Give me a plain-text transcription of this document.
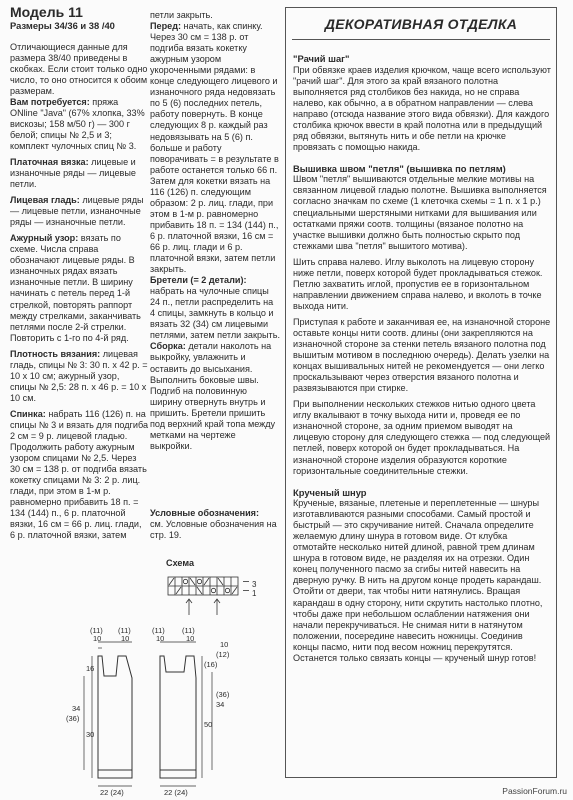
Модель 11

Размеры 34/36 и 38 /40

Отличающиеся данные для размера 38/40 приведены в скобках. Если стоит только одно число, то оно относится к обоим размерам.

Вам потребуется: пряжа ONline "Java" (67% хлопка, 33% вискозы; 158 м/50 г) — 300 г белой; спицы № 2,5 и 3; комплект чулочных спиц № 3.

Платочная вязка: лицевые и изнаночные ряды — лицевые петли.

Лицевая гладь: лицевые ряды — лицевые петли, изнаночные ряды — изнаночные петли.

Ажурный узор: вязать по схеме. Числа справа обозначают лицевые ряды. В изнаночных рядах вязать изнаночные петли. В ширину начинать с петель перед 1-й стрелкой, повторять раппорт между стрелками, заканчивать петлями после 2-й стрелки. Повторить с 1-го по 4-й ряд.

Плотность вязания: лицевая гладь, спицы № 3: 30 п. x 42 р. = 10 x 10 см; ажурный узор, спицы № 2,5: 28 п. x 46 р. = 10 x 10 см.

Спинка: набрать 116 (126) п. на спицы № 3 и вязать для подгиба 2 см = 9 р. лицевой гладью. Продолжить работу ажурным узором спицами № 2,5. Через 30 см = 138 р. от подгиба вязать кокетку спицами № 3: 2 р. лиц. глади, при этом в 1-м р. равномерно прибавить 18 п. = 134 (144) п., 6 р. платочной вязки, 16 см = 66 р. лиц. глади, 6 р. платочной вязки, затем

петли закрыть.

Перед: начать, как спинку. Через 30 см = 138 р. от подгиба вязать кокетку ажурным узором укороченными рядами: в конце следующего лицевого и изнаночного ряда недовязать по 5 (6) последних петель, работу повернуть. В конце следующих 8 р. каждый раз недовязывать на 5 (6) п. больше и работу поворачивать = в результате в работе останется только 66 п. Затем для кокетки вязать на 116 (126) п. следующим образом: 2 р. лиц. глади, при этом в 1-м р. равномерно прибавить 18 п. = 134 (144) п., 6 р. платочной вязки, 16 см = 66 р. лиц. глади и 6 р. платочной вязки, затем петли закрыть.

Бретели (= 2 детали): набрать на чулочные спицы 24 п., петли распределить на 4 спицы, замкнуть в кольцо и вязать 32 (34) см лицевыми петлями, затем петли закрыть.

Сборка: детали наколоть на выкройку, увлажнить и оставить до высыхания. Выполнить боковые швы. Подгиб на половинную ширину отвернуть внутрь и пришить. Бретели пришить под верхний край топа между метками на чертеже выкройки.

Условные обозначения:

см. Условные обозначения на стр. 19.

Схема

3
1
(11)
10
(11)
10
34
(36)
16
30
22 (24)
(11)
10
(11)
10
(36)
34
(16)
50
(12)
10
22 (24)
ДЕКОРАТИВНАЯ ОТДЕЛКА

"Рачий шаг"

При обвязке краев изделия крючком, чаще всего используют "рачий шаг". Для этого за край вязаного полотна выполняется ряд столбиков без накида, но не справа налево, как обычно, а в обратном направлении — слева направо (отсюда название этого вида обвязки). Для каждого столбика крючок ввести в край полотна или в предыдущий ряд обвязки, вытянуть нить и обе петли на крючке провязать с помощью накида.

Вышивка швом "петля" (вышивка по петлям)

Швом "петля" вышиваются отдельные мелкие мотивы на связанном лицевой гладью полотне. Вышивка выполняется согласно значкам по схеме (1 клеточка схемы = 1 п. x 1 р.) специальными шерстяными нитками для вышивания или остатками пряжи соотв. толщины (вязаное полотно на участке вышивки должно быть полностью скрыто под стежками шва "петля" вышитого мотива).

Шить справа налево. Иглу выколоть на лицевую сторону ниже петли, поверх которой будет прокладываться стежок. Петлю захватить иглой, пропустив ее в горизонтальном направлении движением справа налево, и вколоть в точке выхода нити.

Приступая к работе и заканчивая ее, на изнаночной стороне оставьте концы нити соотв. длины (они закрепляются на изнаночной стороне за стенки петель вязаного полотна под вышитым мотивом в последнюю очередь). Делать узелки на концах вышивальных нитей не рекомендуется — они легко проскальзывают через отверстия вязаного полотна и развязываются при стирке.

При выполнении нескольких стежков нитью одного цвета иглу вкалывают в точку выхода нити и, проведя ее по изнаночной стороне, за одним приемом выводят на лицевую сторону для следующего стежка — под следующей петлей, поверх которой он будет прокладываться. На изнаночной стороне изделия образуются короткие горизонтальные соединительные стежки.

Крученый шнур

Крученые, вязаные, плетеные и переплетенные — шнуры изготавливаются разными способами. Самый простой и быстрый — это скручивание нитей. Сначала определите желаемую длину шнура в готовом виде. От клубка отмотайте несколько нитей длиной, равной трем длинам шнура в готовом виде, не разделяя их на отрезки. Один конец полученного пасмо за сгибы нитей навесить на дверную ручку. В нить на другом конце продеть карандаш. Отойти от двери, так чтобы нити натянулись. Вращая карандаш в одну сторону, нити скрутить настолько плотно, чтобы даже при небольшом ослаблении натяжения они начали перекручиваться. Не снимая нити в натянутом положении, посередине навесить ножницы. Соединив концы пасмо, нити под весом ножниц перекрутятся. Останется только связать концы — крученый шнур готов!

PassionForum.ru
